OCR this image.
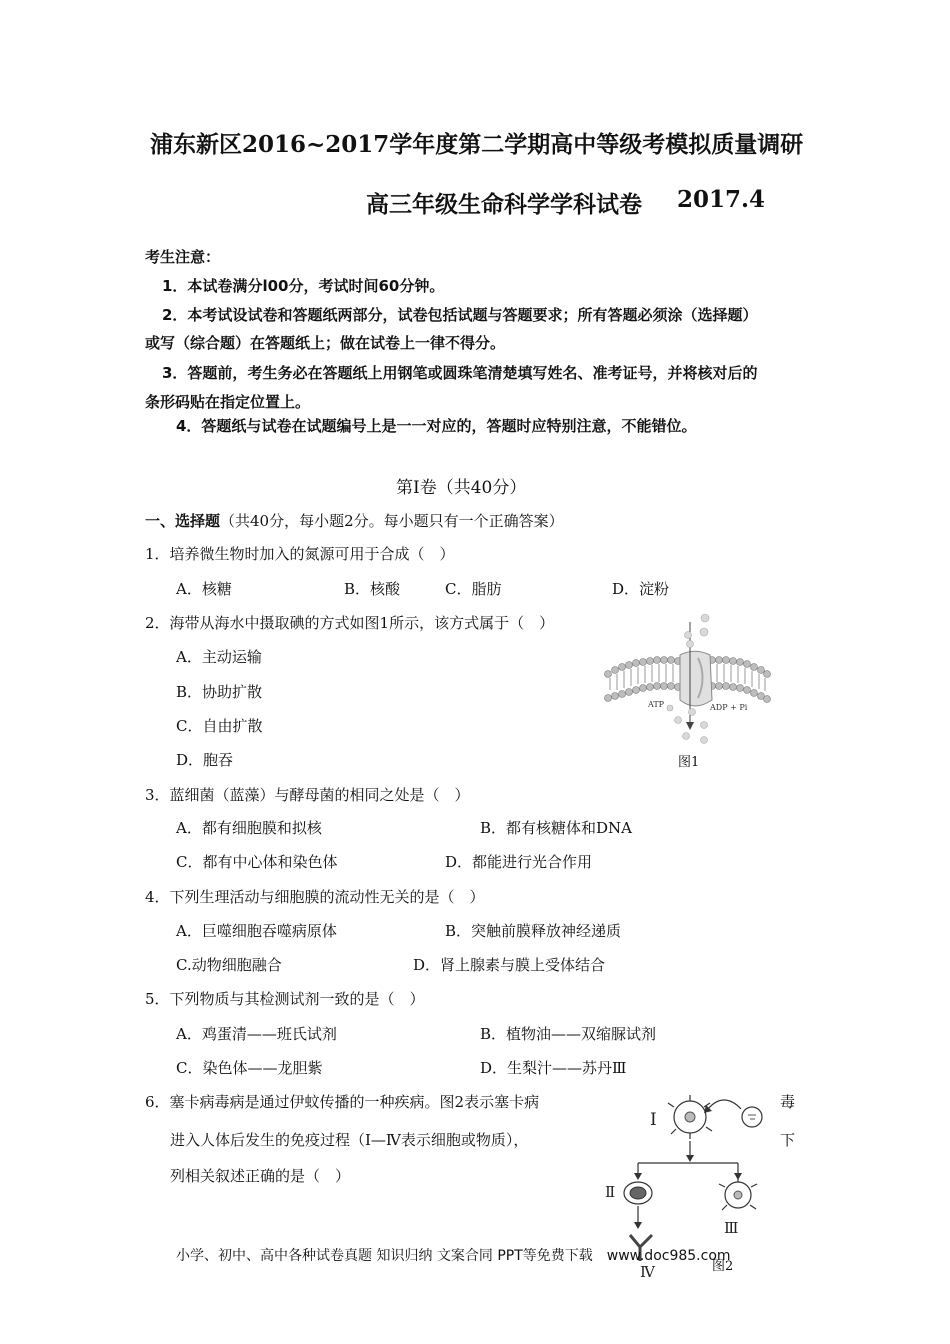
浦东新区2016~2017学年度第二学期高中等级考模拟质量调研
高三年级生命科学学科试卷 2017.4
考生注意：
1．本试卷满分l00分，考试时间60分钟。
2．本考试设试卷和答题纸两部分，试卷包括试题与答题要求；所有答题必须涂（选择题）
或写（综合题）在答题纸上；做在试卷上一律不得分。
3．答题前，考生务必在答题纸上用钢笔或圆珠笔清楚填写姓名、准考证号，并将核对后的
条形码贴在指定位置上。
4．答题纸与试卷在试题编号上是一一对应的，答题时应特别注意，不能错位。
第Ⅰ卷（共40分）
一、选择题（共40分，每小题2分。每小题只有一个正确答案）
1．培养微生物时加入的氮源可用于合成（　）
A．核糖	B．核酸	C．脂肪	D．淀粉
2．海带从海水中摄取碘的方式如图1所示，该方式属于（　）
A．主动运输
B．协助扩散
C．自由扩散
D．胞吞
ATP	ADP + Pi
图1
3．蓝细菌（蓝藻）与酵母菌的相同之处是（　）
A．都有细胞膜和拟核	B．都有核糖体和DNA
C．都有中心体和染色体	D．都能进行光合作用
4．下列生理活动与细胞膜的流动性无关的是（　）
A．巨噬细胞吞噬病原体	B．突触前膜释放神经递质
C.动物细胞融合	D．肾上腺素与膜上受体结合
5．下列物质与其检测试剂一致的是（　）
A．鸡蛋清——班氏试剂	B．植物油——双缩脲试剂
C．染色体——龙胆紫	D．生梨汁——苏丹Ⅲ
6．塞卡病毒病是通过伊蚊传播的一种疾病。图2表示塞卡病	毒
进入人体后发生的免疫过程（Ⅰ—Ⅳ表示细胞或物质），	下
列相关叙述正确的是（　）
Ⅰ
Ⅱ
Ⅲ
Ⅳ	图2
小学、初中、高中各种试卷真题 知识归纳 文案合同 PPT等免费下载　www.doc985.com
